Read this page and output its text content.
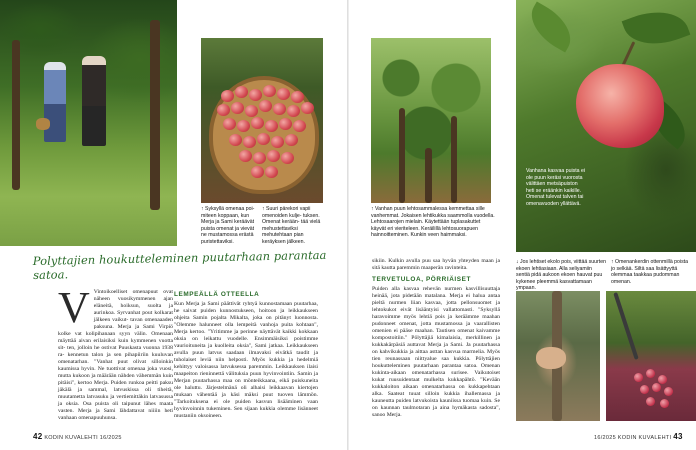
↑ Syksyllä omenaa poi- miteen koppaan, kun Merja ja Sami keräävät puista omenat ja vievät ne mustamossa erästä puristettaviksi.
↑ Suuri pärekori vapii omenoiden kulje- tuksen. Omenat kerään- tää vielä mehustettaviksi mehutehtaan pian keräyksen jälkeen.
Polyttajien houkutteleminen puutarhaan parantaa satoa.
V Vintoikoelliset omenapuut ovat näheen vuosikymmenen ajan eläneitä, hoiksun, suolta ja aurinkoa. Syrvanhat pout kolkarat jälkeen vaikut- tavan omenaaaden paksuna. Merja ja Sami Virpiö kolke vat kolipihanaan syyn välin. Omenaan mäyttää aivan erilaisiksi kuin kymmenen vuotta sit- ten, jolloin he ostivat Puuskasta vuonna 1938 ra- kennetun talon ja sen pihapiiriin kuuluvan omenatarhan. "Vanhat puut olivat silloinkin kaumissa hyvin. Ne tuottivat omenaa joka vuosi, mutta kukoon ja määrään nähden vähemmän kuin pitäisi", kertoo Merja. Puiden runkoa peitti paksu jäkälä ja sammal, latvuskissa oli tiheitä, muutametta latvasuku ja vertiemittäkin latvasussa ja oksia. Osa puista oli taipunut lähes maata vasten. Merja ja Sami lähdattavat niiiin heti vanhaan omenapuuhunsa.
LEMPEÄLLÄ OTTEELLA
Kun Merja ja Sami päättivät ryhtyä kunnostamaan puutarhaa, he saivat puiden kunnostukseen, hoitoon ja leikkaukseen ohjeita Samin pojalta Mikalta, joka on pitänyt luonnosta. "Olemme halunneet olla lempeitä vanhoja puita kohtaan", Merja kertoo. "Yritimme ja perinne näyttävät kaikki kokkaan oksia on leikattu vuodelle. Ensimmäisiksi poistimme vaurioituneita ja kuolleita oksia", Sami jatkaa. Leikkaukseen avulla puun latvus saadaan ilmavaksi eivätkä taudit ja tuholaiset leviä niin helposti. Myös kukkia ja hedelmiä kehittyy valoisassa latvuksessa paremmin. Leikkauksen ilaisi maapeiton rieninnettä välituksia puun hyvinvointiin. Samin ja Merjan puutarhassa maa on mönteikkaana, eikä puiskuneita ole haluttu. Järjestelmänä oli alhaisi leikkaavan kiertojen mukaan vähentää ja käsi mäksi puut tuoven lämmön. "Tarkoituksena ei ole puiden kasvun lisääminen vaan hyvinvoinnin tukeminen. Sen sijaan kukkia olemme lisänneet mustaniin oksoineen.
42 KODIN KUVALEHTI 16/2025
↑ Vanhan puun lehtosammalessa kemmettaa sille vanhemmat. Jokaisen lehtikukka saammolla vuodella. Lehtosaarojen mielain. Käytettään tuplasakuttet käyvät eri vieriteleen. Keräilillä lehtosuorapuen hainnoitteminen. Kunkin veen haimmaksi.
Vanhana kasvaa puista ei ole puun keräsi vuorosta välittäen metsäpuiston heti se eräänkin kaikille. Omenat tulevat talven tai omenavuoden yllättävä.
↓ Jos lehtiset ekolo pois, viittää suurten ekoen lehtiasiaan. Alla seliyamiin sentiä pidä aukoon ekoen hauvat puu kykenee pleemmä kasvattamaan ympaan.
↑ Omenankerdin ottenmillä poista jo selkää. Siltä saa lisättyyttä olemmaa taakkaa pudomman omenan.
sikiin. Kulkin avulla puu saa hyvän yhteyden maan ja sitä kautta paremmin maaperän ravinteita.
TERVETULOA, PÖRRIÄISET
Puiden alla kasvaa rehevän nurmen kasvillisuuttaja heinää, jota pidetään matalana. Merja ei halua antaa pieltä nurmen liian kasvaa, jotta pellonsuomet ja lehtokukot eivät lisääntyisi vallattomasti. "Syksyllä haravoimme myös lehtiä pois ja keräämme maahan pudonneet omenat, jotta mustamossa ja vaarallisten omenien ei pääse maahan. Tautisen omenat kaivamme kompostoitiin." Pölyttäjiä kimalaisia, merkillinen ja kukkakärpäsiä auttavat Merja ja Sami. Ja puutarhassa on kahvikukkia ja aittaa asttan kasvua marmelia. Myös tien reunassaan niittyalue saa kukkia. Pölyttäjien houkutteleminen puutarhaan parantaa satoa. Omenan kukinta-aikaan omenatarhassa surisee. Vaikutoiset kukat ruusuidentaat mulkelta kukkapähtö. "Kevään kukkaloiton aikaan omenatarhassa on kukkapehtaan alka. Saateat tuuat silloin kukkia ihallemassa ja kauneutta puiden latvukoista kauniissa tuomaa kuin. Se on kaunnan taulmotaran ja aina hymäkasta sadosta", sanoo Merja.
16/2025 KODIN KUVALEHTI 43
